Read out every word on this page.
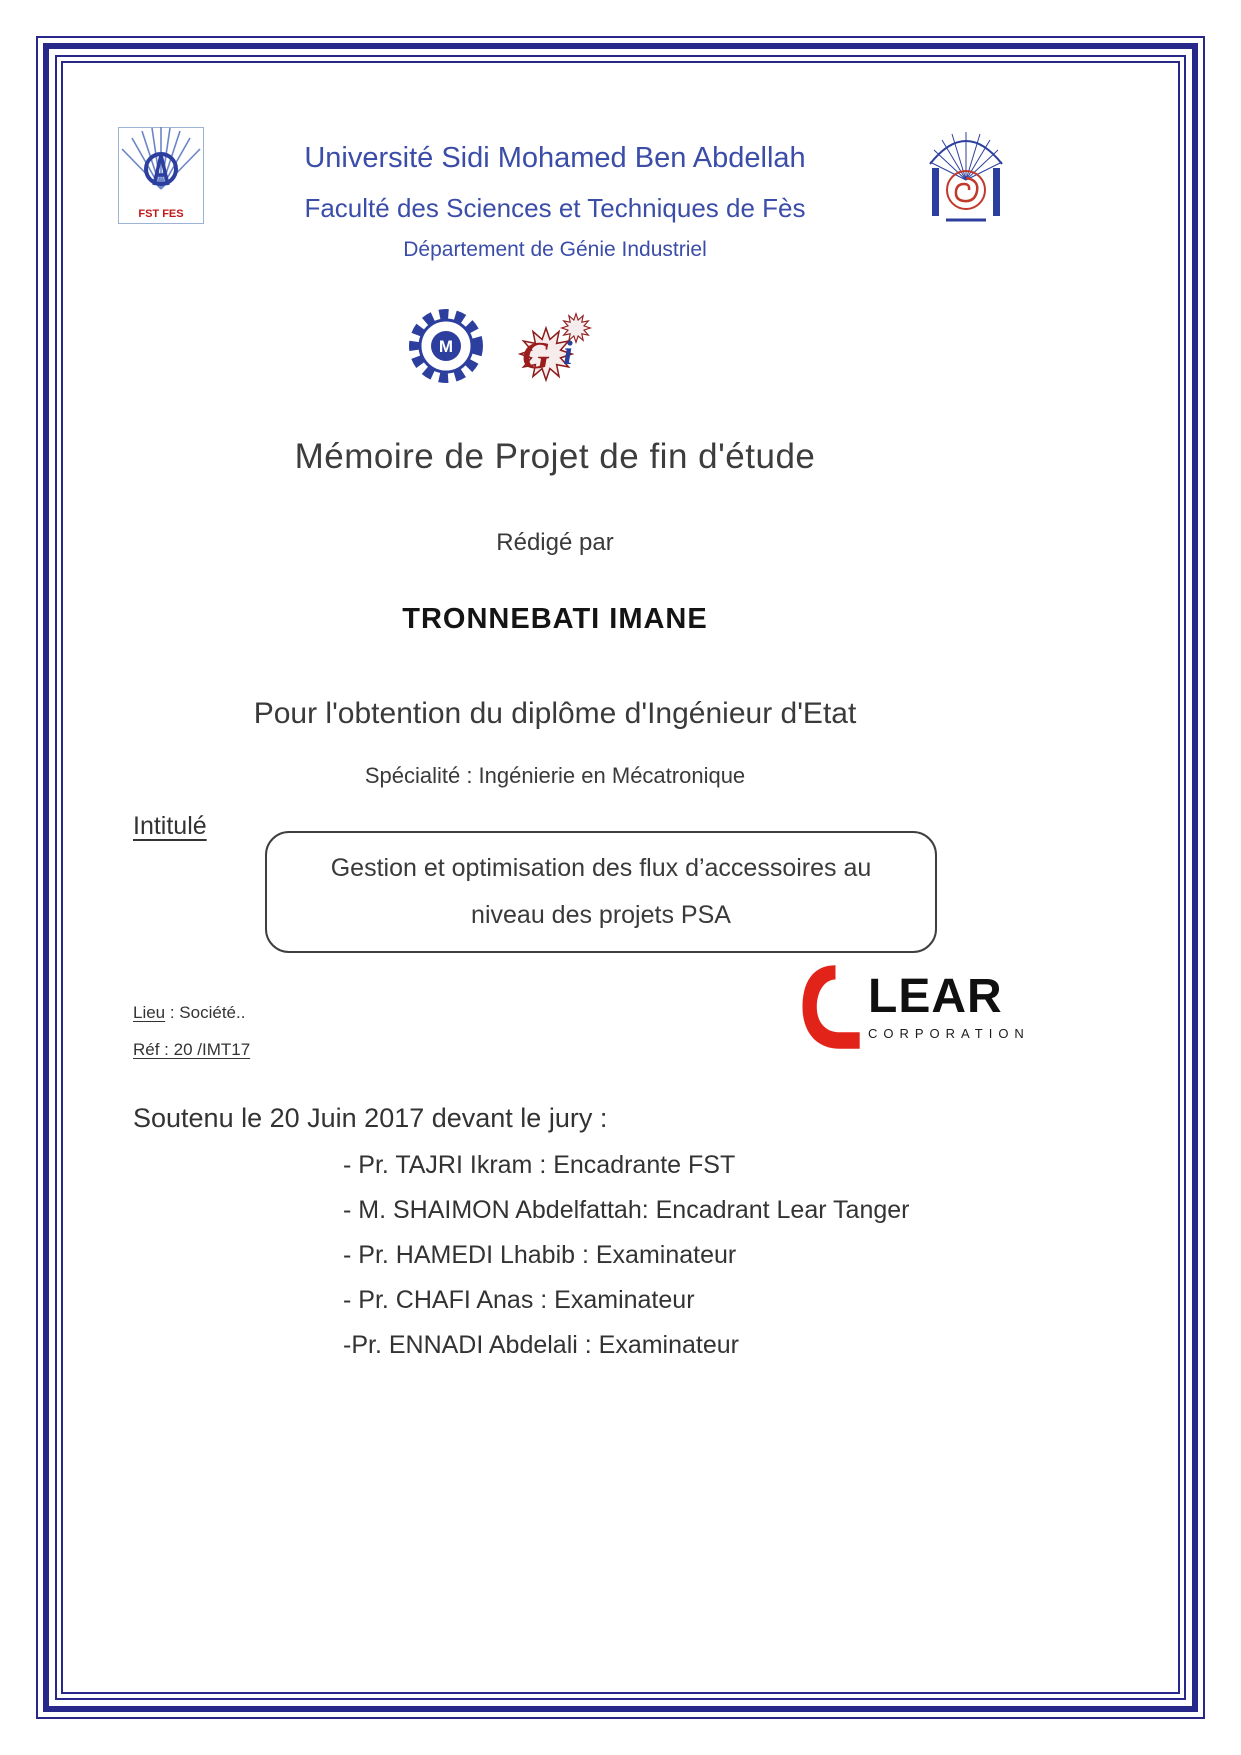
FST FES
Université Sidi Mohamed Ben Abdellah
Faculté des Sciences et Techniques de Fès
Département de Génie Industriel
M G i
Mémoire de Projet de fin d'étude
Rédigé par
TRONNEBATI IMANE
Pour l'obtention du diplôme d'Ingénieur d'Etat
Spécialité : Ingénierie en Mécatronique
Intitulé
Gestion et optimisation des flux d’accessoires au
niveau des projets PSA
Lieu : Société..
Réf : 20 /IMT17
LEAR
CORPORATION
Soutenu le 20 Juin 2017 devant le jury :
- Pr. TAJRI Ikram : Encadrante FST
- M. SHAIMON Abdelfattah: Encadrant Lear Tanger
- Pr. HAMEDI Lhabib : Examinateur
- Pr. CHAFI Anas : Examinateur
-Pr. ENNADI Abdelali : Examinateur
